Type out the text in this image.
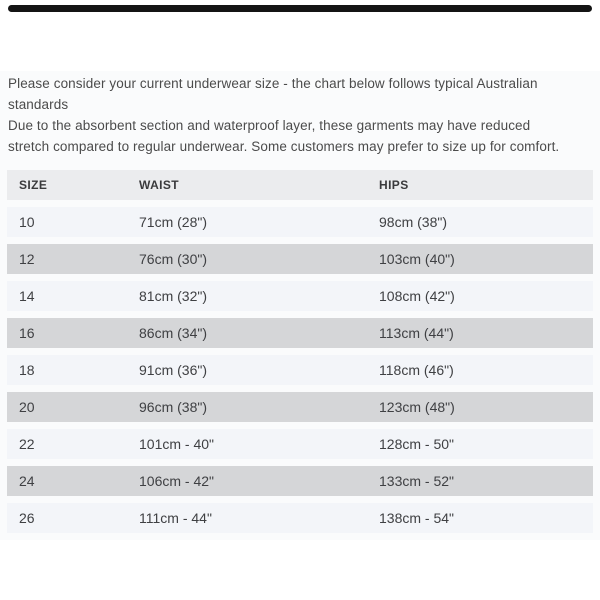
Please consider your current underwear size - the chart below follows typical Australian
standards
Due to the absorbent section and waterproof layer, these garments may have reduced
stretch compared to regular underwear. Some customers may prefer to size up for comfort.
SIZE	WAIST	HIPS
10	71cm (28")	98cm (38")
12	76cm (30")	103cm (40")
14	81cm (32")	108cm (42")
16	86cm (34")	113cm (44")
18	91cm (36")	118cm (46")
20	96cm (38")	123cm (48")
22	101cm - 40"	128cm - 50"
24	106cm - 42"	133cm - 52"
26	111cm - 44"	138cm - 54"
